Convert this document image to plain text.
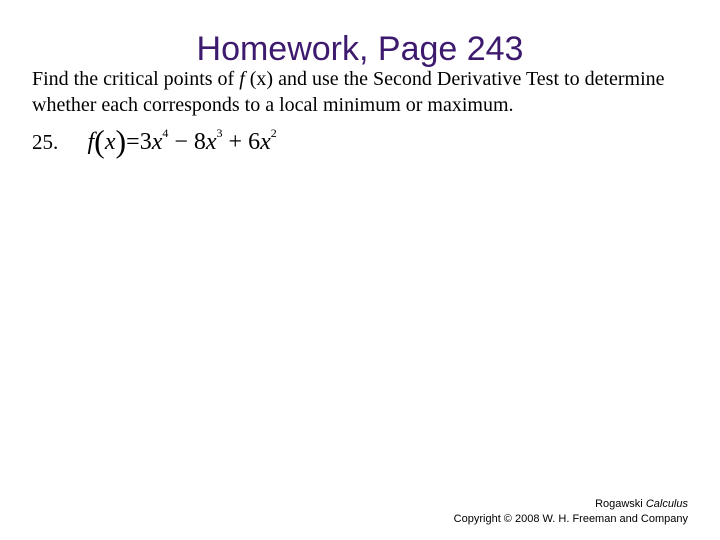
Homework, Page 243

Find the critical points of f (x) and use the Second Derivative Test to determine whether each corresponds to a local minimum or maximum.

25. $f(x)=3x^4 - 8x^3 + 6x^2$
Rogawski Calculus
Copyright © 2008 W. H. Freeman and Company
